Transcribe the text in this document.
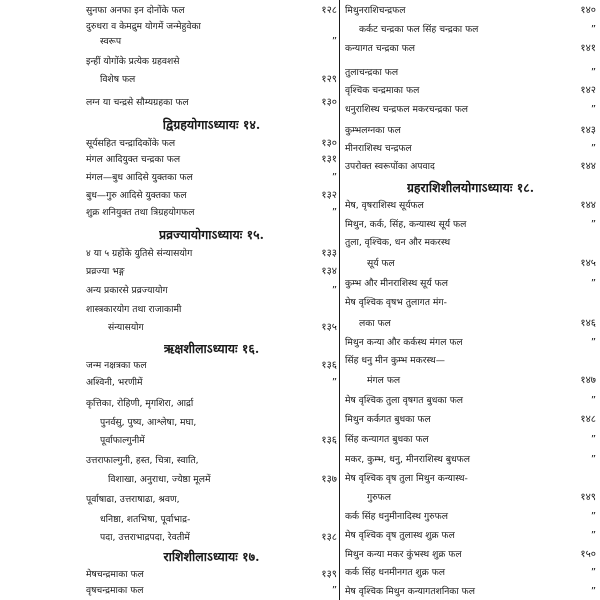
सुनफा अनफा इन दोनोंके फल	१२८
दुरुधरा व केमद्रुम योगमें जन्मेहुवेका
स्वरूप	”
इन्हीं योगोंके प्रत्येक ग्रहवशसे
विशेष फल	१२९
लग्न या चन्द्रसे सौम्यग्रहका फल	१३०
द्विग्रहयोगाऽध्यायः १४.
सूर्यसहित चन्द्रादिकोंके फल	१३०
मंगल आदियुक्त चन्द्रका फल	१३१
मंगल—बुध आदिसे युक्तका फल	”
बुध—गुरु आदिसे युक्तका फल	१३२
शुक्र शनियुक्त तथा त्रिग्रहयोगफल	”
प्रव्रज्यायोगाऽध्यायः १५.
४ या ५ ग्रहोंके युतिसे संन्यासयोग	१३३
प्रव्रज्या भङ्ग	१३४
अन्य प्रकारसे प्रव्रज्यायोग	”
शास्त्रकारयोग तथा राजाकामी
संन्यासयोग	१३५
ऋक्षशीलाऽध्यायः १६.
जन्म नक्षत्रका फल	१३६
अश्विनी, भरणीमें	”
कृत्तिका, रोहिणी, मृगशिरा, आर्द्रा
पुनर्वसु, पुष्य, आश्लेषा, मघा,
पूर्वाफाल्गुनीमें	१३६
उत्तराफाल्गुनी, हस्त, चित्रा, स्वाति,
विशाखा, अनुराधा, ज्येष्ठा मूलमें	१३७
पूर्वाषाढा, उत्तराषाढा, श्रवण,
धनिष्ठा, शतभिषा, पूर्वाभाद्र-
पदा, उत्तराभाद्रपदा, रेवतीमें	१३८
राशिशीलाऽध्यायः १७.
मेषचन्द्रमाका फल	१३९
वृषचन्द्रमाका फल	”
मिथुनराशिचन्द्रफल	१४०
कर्कट चन्द्रका फल सिंह चन्द्रका फल	”
कन्यागत चन्द्रका फल	१४१
तुलाचन्द्रका फल	”
वृश्चिक चन्द्रमाका फल	१४२
धनुराशिस्थ चन्द्रफल मकरचन्द्रका फल	”
कुम्भलग्नका फल	१४३
मीनराशिस्थ चन्द्रफल	”
उपरोक्त स्वरूपोंका अपवाद	१४४
ग्रहराशिशीलयोगाऽध्यायः १८.
मेष, वृषराशिस्थ सूर्यफल	१४४
मिथुन, कर्क, सिंह, कन्यास्थ सूर्य फल	”
तुला, वृश्चिक, धन और मकरस्थ
सूर्य फल	१४५
कुम्भ और मीनराशिस्थ सूर्य फल	”
मेष वृश्चिक वृषभ तुलागत मंग-
लका फल	१४६
मिथुन कन्या और कर्कस्थ मंगल फल	”
सिंह धनु मीन कुम्भ मकरस्थ—
मंगल फल	१४७
मेष वृश्चिक तुला वृषगत बुधका फल	”
मिथुन कर्कगत बुधका फल	१४८
सिंह कन्यागत बुधका फल	”
मकर, कुम्भ, धनु, मीनराशिस्थ बुधफल	”
मेष वृश्चिक वृष तुला मिथुन कन्यास्थ-
गुरुफल	१४९
कर्क सिंह धनुमीनादिस्थ गुरुफल	”
मेष वृश्चिक वृष तुलास्थ शुक्र फल	”
मिथुन कन्या मकर कुंभस्थ शुक्र फल	१५०
कर्क सिंह धनमीनगत शुक्र फल	”
मेष वृश्चिक मिथुन कन्यागतशनिका फल	”
